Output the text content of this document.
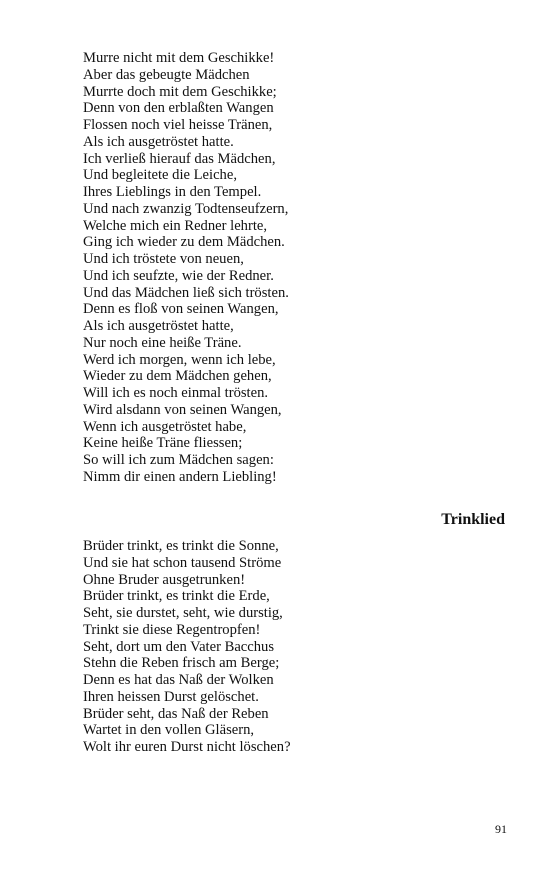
Murre nicht mit dem Geschikke!
Aber das gebeugte Mädchen
Murrte doch mit dem Geschikke;
Denn von den erblaßten Wangen
Flossen noch viel heisse Tränen,
Als ich ausgetröstet hatte.
Ich verließ hierauf das Mädchen,
Und begleitete die Leiche,
Ihres Lieblings in den Tempel.
Und nach zwanzig Todtenseufzern,
Welche mich ein Redner lehrte,
Ging ich wieder zu dem Mädchen.
Und ich tröstete von neuen,
Und ich seufzte, wie der Redner.
Und das Mädchen ließ sich trösten.
Denn es floß von seinen Wangen,
Als ich ausgetröstet hatte,
Nur noch eine heiße Träne.
Werd ich morgen, wenn ich lebe,
Wieder zu dem Mädchen gehen,
Will ich es noch einmal trösten.
Wird alsdann von seinen Wangen,
Wenn ich ausgetröstet habe,
Keine heiße Träne fliessen;
So will ich zum Mädchen sagen:
Nimm dir einen andern Liebling!
Trinklied
Brüder trinkt, es trinkt die Sonne,
Und sie hat schon tausend Ströme
Ohne Bruder ausgetrunken!
Brüder trinkt, es trinkt die Erde,
Seht, sie durstet, seht, wie durstig,
Trinkt sie diese Regentropfen!
Seht, dort um den Vater Bacchus
Stehn die Reben frisch am Berge;
Denn es hat das Naß der Wolken
Ihren heissen Durst gelöschet.
Brüder seht, das Naß der Reben
Wartet in den vollen Gläsern,
Wolt ihr euren Durst nicht löschen?
91
